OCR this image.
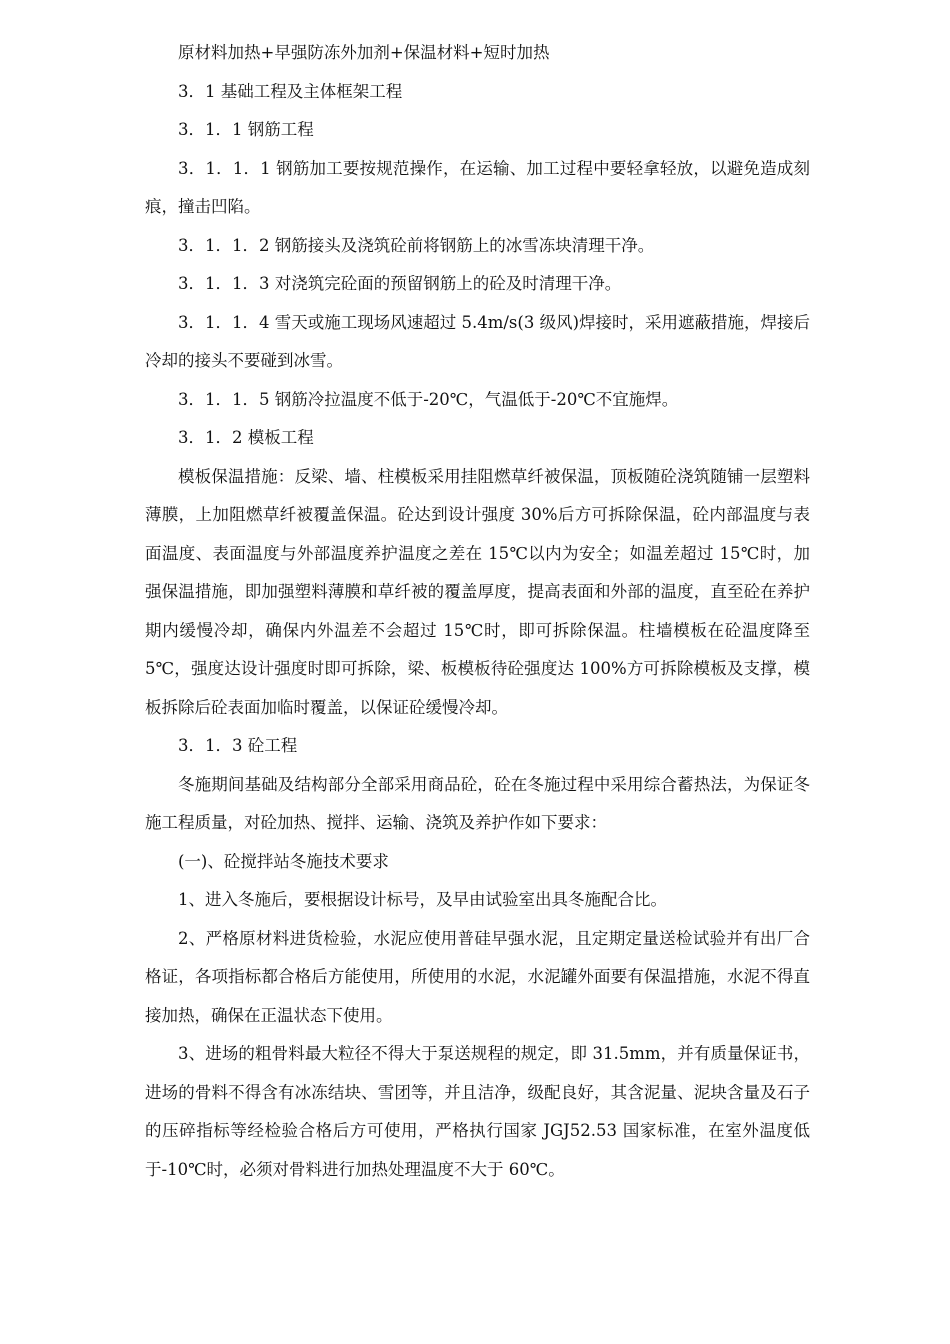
原材料加热+早强防冻外加剂+保温材料+短时加热

3．1 基础工程及主体框架工程

3．1．1 钢筋工程

3．1．1．1 钢筋加工要按规范操作，在运输、加工过程中要轻拿轻放，以避免造成刻痕，撞击凹陷。

3．1．1．2 钢筋接头及浇筑砼前将钢筋上的冰雪冻块清理干净。

3．1．1．3 对浇筑完砼面的预留钢筋上的砼及时清理干净。

3．1．1．4 雪天或施工现场风速超过 5.4m/s(3 级风)焊接时，采用遮蔽措施，焊接后冷却的接头不要碰到冰雪。

3．1．1．5 钢筋冷拉温度不低于-20℃，气温低于-20℃不宜施焊。

3．1．2 模板工程

模板保温措施：反梁、墙、柱模板采用挂阻燃草纤被保温，顶板随砼浇筑随铺一层塑料薄膜，上加阻燃草纤被覆盖保温。砼达到设计强度 30%后方可拆除保温，砼内部温度与表面温度、表面温度与外部温度养护温度之差在 15℃以内为安全；如温差超过 15℃时，加强保温措施，即加强塑料薄膜和草纤被的覆盖厚度，提高表面和外部的温度，直至砼在养护期内缓慢冷却，确保内外温差不会超过 15℃时，即可拆除保温。柱墙模板在砼温度降至 5℃，强度达设计强度时即可拆除，梁、板模板待砼强度达 100%方可拆除模板及支撑，模板拆除后砼表面加临时覆盖，以保证砼缓慢冷却。

3．1．3 砼工程

冬施期间基础及结构部分全部采用商品砼，砼在冬施过程中采用综合蓄热法，为保证冬施工程质量，对砼加热、搅拌、运输、浇筑及养护作如下要求：

(一)、砼搅拌站冬施技术要求

1、进入冬施后，要根据设计标号，及早由试验室出具冬施配合比。

2、严格原材料进货检验，水泥应使用普硅早强水泥，且定期定量送检试验并有出厂合格证，各项指标都合格后方能使用，所使用的水泥，水泥罐外面要有保温措施，水泥不得直接加热，确保在正温状态下使用。

3、进场的粗骨料最大粒径不得大于泵送规程的规定，即 31.5mm，并有质量保证书，进场的骨料不得含有冰冻结块、雪团等，并且洁净，级配良好，其含泥量、泥块含量及石子的压碎指标等经检验合格后方可使用，严格执行国家 JGJ52.53 国家标准，在室外温度低于-10℃时，必须对骨料进行加热处理温度不大于 60℃。
